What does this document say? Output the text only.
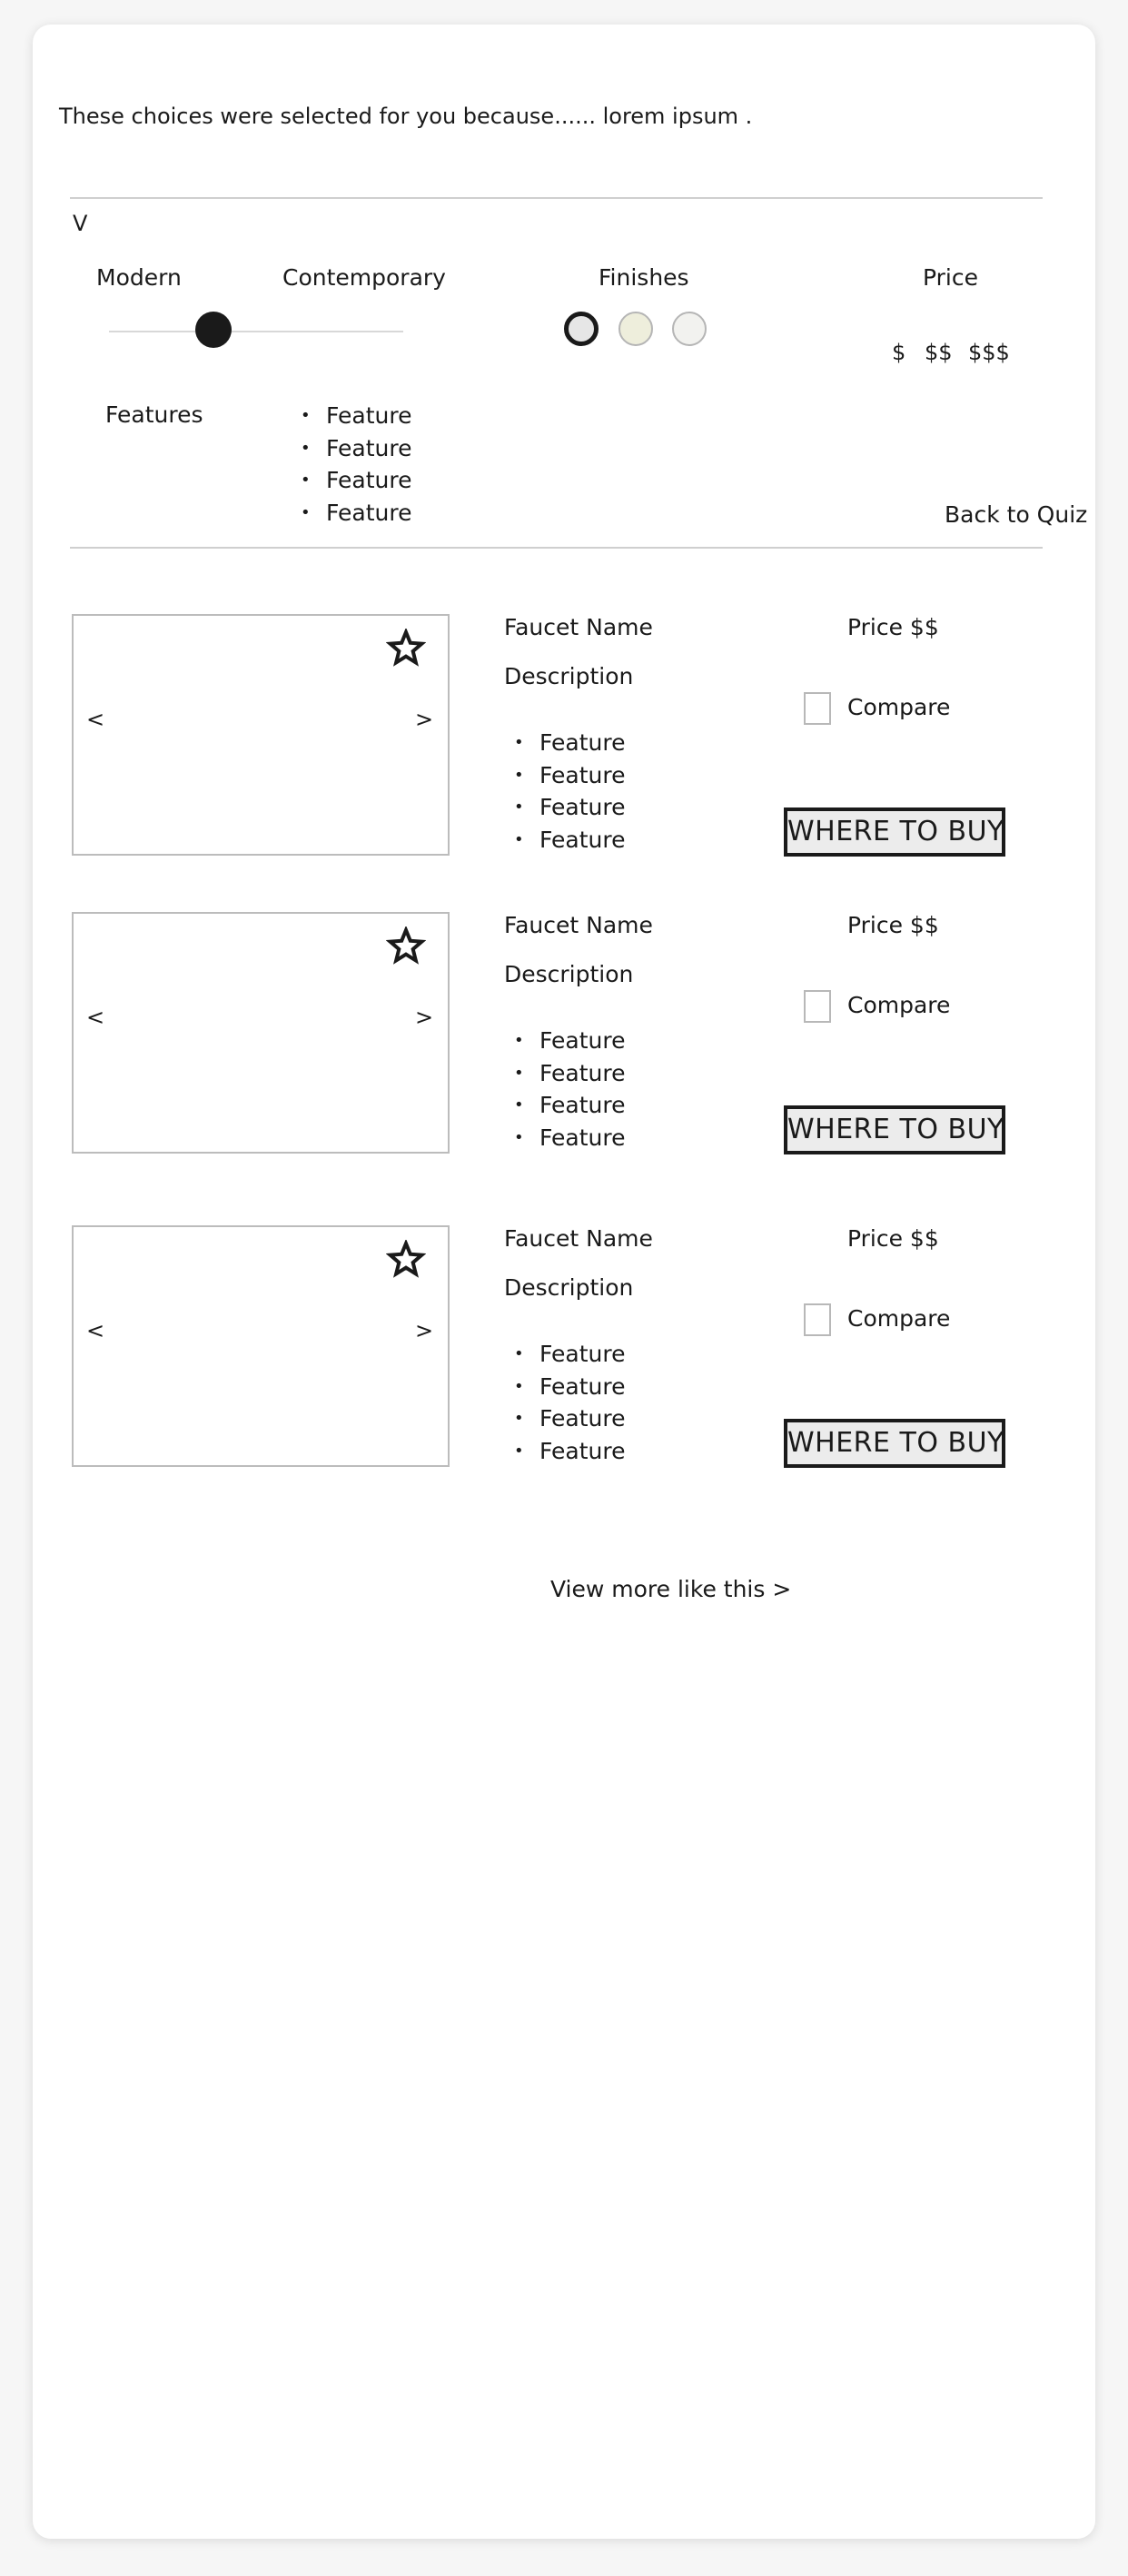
These choices were selected for you because...... lorem ipsum .
V
Modern	Contemporary	Finishes	Price
$ $$ $$$
Features
•	Feature
• Feature
• Feature
• Feature	Back to Quiz
<	>
Faucet Name
Description
• Feature
• Feature
• Feature
• Feature
Price $$
Compare
WHERE TO BUY
<	>
Faucet Name
Description
• Feature
• Feature
• Feature
• Feature
Price $$
Compare
WHERE TO BUY
<	>
Faucet Name
Description
• Feature
• Feature
• Feature
• Feature
Price $$
Compare
WHERE TO BUY
View more like this >
